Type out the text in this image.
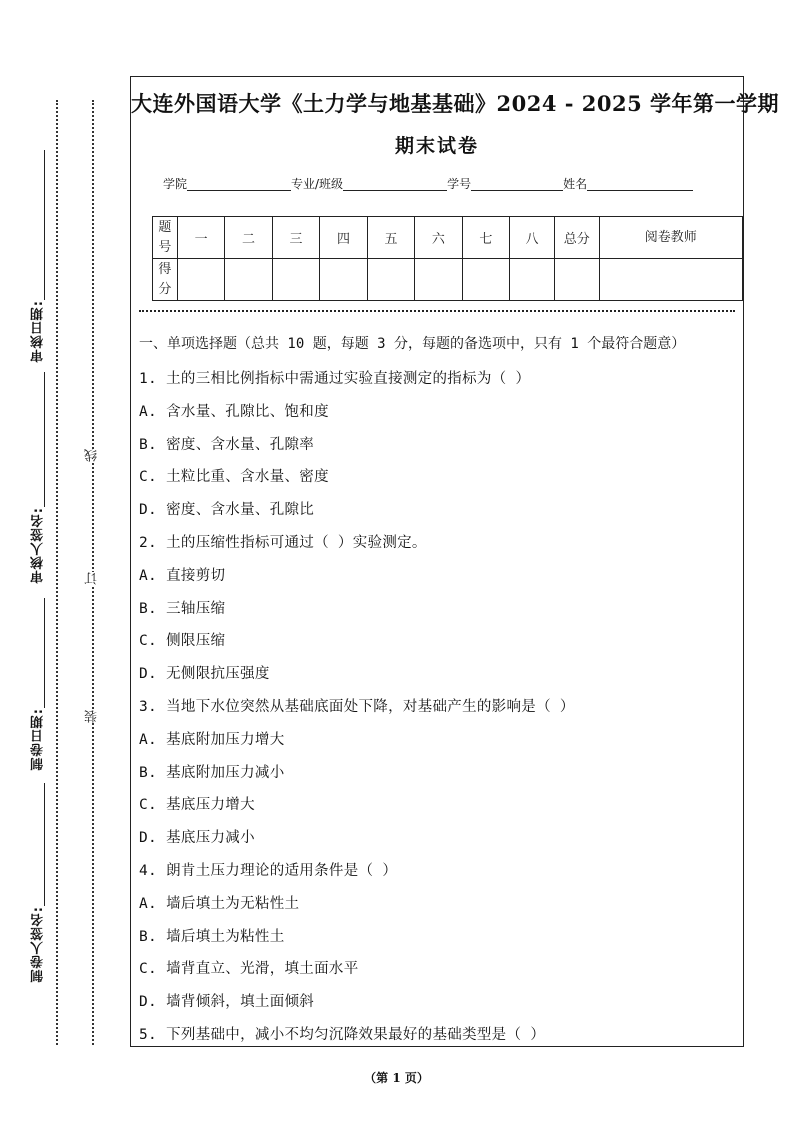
审核日期:
审核人签名:
制卷日期:
制卷人签名:
线
订
装
大连外国语大学《土力学与地基基础》2024 - 2025 学年第一学期
期末试卷
学院	专业/班级	学号	姓名
题号	一	二	三	四	五	六	七	八	总分	阅卷教师
得分										
一、单项选择题（总共 10 题，每题 3 分，每题的备选项中，只有 1 个最符合题意）
1. 土的三相比例指标中需通过实验直接测定的指标为（ ）
A. 含水量、孔隙比、饱和度
B. 密度、含水量、孔隙率
C. 土粒比重、含水量、密度
D. 密度、含水量、孔隙比
2. 土的压缩性指标可通过（ ）实验测定。
A. 直接剪切
B. 三轴压缩
C. 侧限压缩
D. 无侧限抗压强度
3. 当地下水位突然从基础底面处下降，对基础产生的影响是（ ）
A. 基底附加压力增大
B. 基底附加压力减小
C. 基底压力增大
D. 基底压力减小
4. 朗肯土压力理论的适用条件是（ ）
A. 墙后填土为无粘性土
B. 墙后填土为粘性土
C. 墙背直立、光滑，填土面水平
D. 墙背倾斜，填土面倾斜
5. 下列基础中，减小不均匀沉降效果最好的基础类型是（ ）
（第 1 页）
